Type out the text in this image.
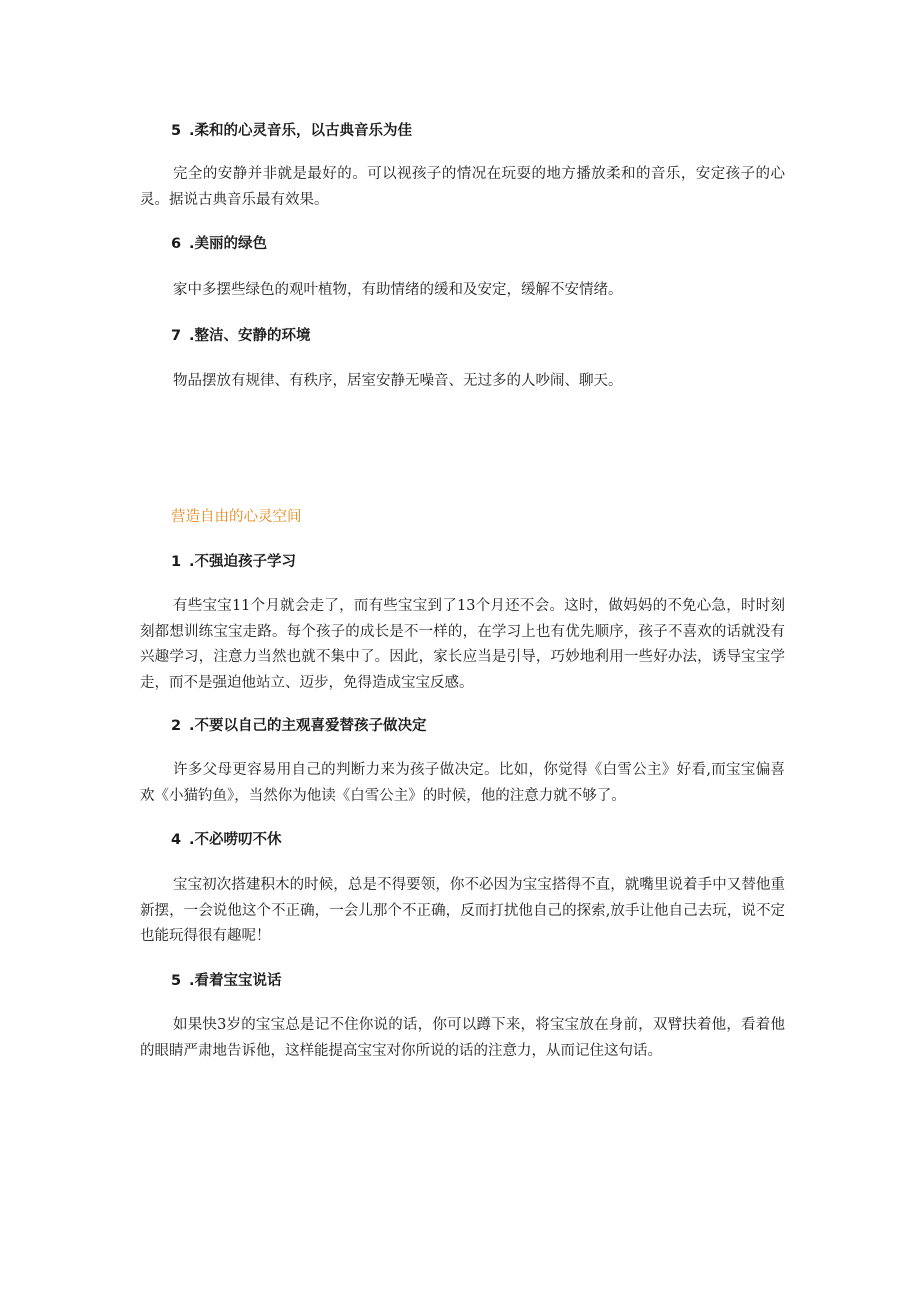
5 .柔和的心灵音乐，以古典音乐为佳
完全的安静并非就是最好的。可以视孩子的情况在玩耍的地方播放柔和的音乐，安定孩子的心灵。据说古典音乐最有效果。
6 .美丽的绿色
家中多摆些绿色的观叶植物，有助情绪的缓和及安定，缓解不安情绪。
7 .整洁、安静的环境
物品摆放有规律、有秩序，居室安静无噪音、无过多的人吵闹、聊天。
营造自由的心灵空间
1 .不强迫孩子学习
有些宝宝11个月就会走了，而有些宝宝到了13个月还不会。这时，做妈妈的不免心急，时时刻刻都想训练宝宝走路。每个孩子的成长是不一样的，在学习上也有优先顺序，孩子不喜欢的话就没有兴趣学习，注意力当然也就不集中了。因此，家长应当是引导，巧妙地利用一些好办法，诱导宝宝学走，而不是强迫他站立、迈步，免得造成宝宝反感。
2 .不要以自己的主观喜爱替孩子做决定
许多父母更容易用自己的判断力来为孩子做决定。比如，你觉得《白雪公主》好看,而宝宝偏喜欢《小猫钓鱼》，当然你为他读《白雪公主》的时候，他的注意力就不够了。
4 .不必唠叨不休
宝宝初次搭建积木的时候，总是不得要领，你不必因为宝宝搭得不直，就嘴里说着手中又替他重新摆，一会说他这个不正确，一会儿那个不正确，反而打扰他自己的探索,放手让他自己去玩，说不定也能玩得很有趣呢！
5 .看着宝宝说话
如果快3岁的宝宝总是记不住你说的话，你可以蹲下来，将宝宝放在身前，双臂扶着他，看着他的眼睛严肃地告诉他，这样能提高宝宝对你所说的话的注意力，从而记住这句话。
